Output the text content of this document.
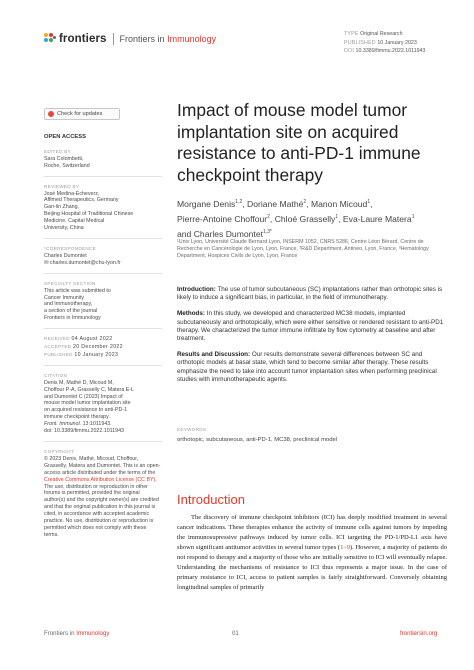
frontiers Frontiers in Immunology	TYPE Original Research
PUBLISHED 10 January 2023
DOI 10.3389/fimmu.2022.1011943
Check for updates
OPEN ACCESS
EDITED BY
Sara Colombetti,
Roche, Switzerland
REVIEWED BY
José Medina-Echeverz,
Affimed Therapeutics, Germany
Gan-lin Zhang,
Beijing Hospital of Traditional Chinese
Medicine, Capital Medical
University, China
*CORRESPONDENCE
Charles Dumontet
✉ charles.dumontet@chu-lyon.fr
SPECIALTY SECTION
This article was submitted to
Cancer Immunity
and Immunotherapy,
a section of the journal
Frontiers in Immunology
RECEIVED 04 August 2022
ACCEPTED 20 December 2022
PUBLISHED 10 January 2023
CITATION
Denis M, Mathé D, Micoud M,
Choffour P-A, Grasselly C, Matera E-L
and Dumontet C (2023) Impact of
mouse model tumor implantation site
on acquired resistance to anti-PD-1
immune checkpoint therapy.
Front. Immunol. 13:1011943.
doi: 10.3389/fimmu.2022.1011943
COPYRIGHT
© 2023 Denis, Mathé, Micoud, Choffour, Grasselly, Matera and Dumontet. This is an open-access article distributed under the terms of the Creative Commons Attribution License (CC BY). The use, distribution or reproduction in other forums is permitted, provided the original author(s) and the copyright owner(s) are credited and that the original publication in this journal is cited, in accordance with accepted academic practice. No use, distribution or reproduction is permitted which does not comply with these terms.
Impact of mouse model tumor implantation site on acquired resistance to anti-PD-1 immune checkpoint therapy
Morgane Denis$^{1,2}$, Doriane Mathé$^2$, Manon Micoud$^1$,
Pierre-Antoine Choffour$^2$, Chloé Grasselly$^1$, Eva-Laure Matera$^1$
and Charles Dumontet$^{1,3*}$
¹Univ Lyon, Université Claude Bernard Lyon, INSERM 1052, CNRS 5286, Centre Léon Bérard, Centre de Recherche en Cancérologie de Lyon, Lyon, France, ²R&D Department, Antineo, Lyon, France, ³Hematology Department, Hospices Civils de Lyon, Lyon, France

Introduction: The use of tumor subcutaneous (SC) implantations rather than orthotopic sites is likely to induce a significant bias, in particular, in the field of immunotherapy.

Methods: In this study, we developed and characterized MC38 models, implanted subcutaneously and orthotopically, which were either sensitive or rendered resistant to anti-PD1 therapy. We characterized the tumor immune infiltrate by flow cytometry at baseline and after treatment.

Results and Discussion: Our results demonstrate several differences between SC and orthotopic models at basal state, which tend to become similar after therapy. These results emphasize the need to take into account tumor implantation sites when performing preclinical studies with immunotherapeutic agents.

KEYWORDS
orthotopic, subcutaneous, anti-PD-1, MC38, preclinical model
Introduction
The discovery of immune checkpoint inhibitors (ICI) has deeply modified treatment in several cancer indications. These therapies enhance the activity of immune cells against tumors by impeding the immunosupressive pathways induced by tumor cells. ICI targeting the PD-1/PD-L1 axis have shown significant antitumor activities in several tumor types (1–9). However, a majority of patients do not respond to therapy and a majority of those who are initially sensitive to ICI will eventually relapse. Understanding the mechanisms of resistance to ICI thus represents a major issue. In the case of primary resistance to ICI, access to patient samples is fairly straightforward. Conversely obtaining longitudinal samples of primarily
Frontiers in Immunology	01	frontiersin.org
